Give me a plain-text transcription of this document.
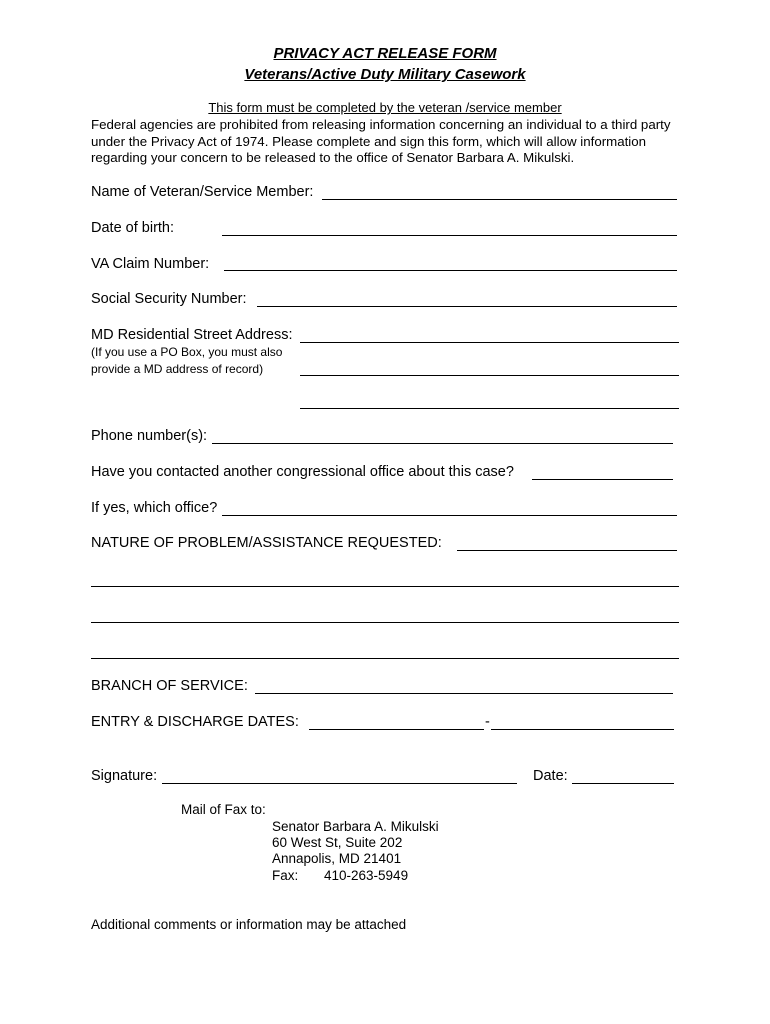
PRIVACY ACT RELEASE FORM
Veterans/Active Duty Military Casework
This form must be completed by the veteran /service member
Federal agencies are prohibited from releasing information concerning an individual to a third party under the Privacy Act of 1974. Please complete and sign this form, which will allow information regarding your concern to be released to the office of Senator Barbara A. Mikulski.
Name of Veteran/Service Member:
Date of birth:
VA Claim Number:
Social Security Number:
MD Residential Street Address:
(If you use a PO Box, you must also provide a MD address of record)
Phone number(s):
Have you contacted another congressional office about this case?
If yes, which office?
NATURE OF PROBLEM/ASSISTANCE REQUESTED:
BRANCH OF SERVICE:
ENTRY & DISCHARGE DATES:	-
Signature:	Date:
Mail of Fax to:
Senator Barbara A. Mikulski
60 West St, Suite 202
Annapolis, MD 21401
Fax: 410-263-5949
Additional comments or information may be attached
